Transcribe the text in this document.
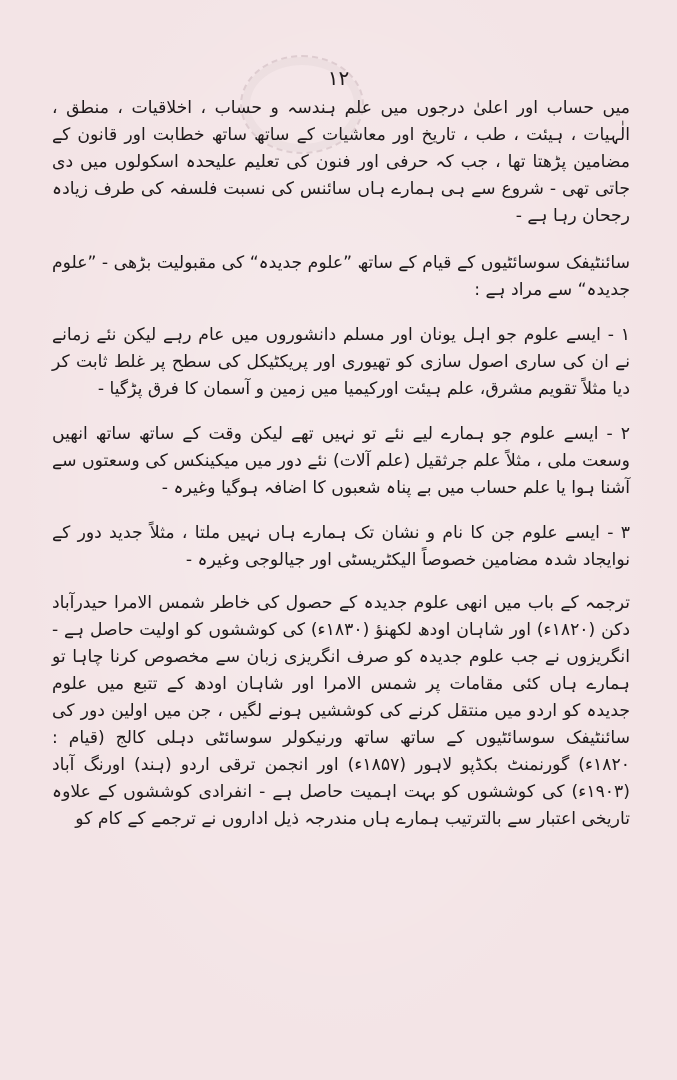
۱۲

میں حساب اور اعلیٰ درجوں میں علم ہندسہ و حساب ، اخلاقیات ، منطق ، الٰہیات ، ہیئت ، طب ، تاریخ اور معاشیات کے ساتھ ساتھ خطابت اور قانون کے مضامین پڑھتا تھا ، جب کہ حرفی اور فنون کی تعلیم علیحدہ اسکولوں میں دی جاتی تھی - شروع سے ہی ہمارے ہاں سائنس کی نسبت فلسفہ کی طرف زیادہ رجحان رہا ہے -

سائنٹیفک سوسائٹیوں کے قیام کے ساتھ ”علوم جدیدہ“ کی مقبولیت بڑھی - ”علوم جدیدہ“ سے مراد ہے :

۱ - ایسے علوم جو اہل یونان اور مسلم دانشوروں میں عام رہے لیکن نئے زمانے نے ان کی ساری اصول سازی کو تھیوری اور پریکٹیکل کی سطح پر غلط ثابت کر دیا مثلاً تقویم مشرق، علم ہیئت اورکیمیا میں زمین و آسمان کا فرق پڑگیا -

۲ - ایسے علوم جو ہمارے لیے نئے تو نہیں تھے لیکن وقت کے ساتھ ساتھ انھیں وسعت ملی ، مثلاً علم جرثقیل (علم آلات) نئے دور میں میکینکس کی وسعتوں سے آشنا ہوا یا علم حساب میں بے پناہ شعبوں کا اضافہ ہوگیا وغیرہ -

۳ - ایسے علوم جن کا نام و نشان تک ہمارے ہاں نہیں ملتا ، مثلاً جدید دور کے نوایجاد شدہ مضامین خصوصاً الیکٹریسٹی اور جیالوجی وغیرہ -

ترجمہ کے باب میں انھی علوم جدیدہ کے حصول کی خاطر شمس الامرا حیدرآباد دکن (۱۸۲۰ء) اور شاہان اودھ لکھنؤ (۱۸۳۰ء) کی کوششوں کو اولیت حاصل ہے - انگریزوں نے جب علوم جدیدہ کو صرف انگریزی زبان سے مخصوص کرنا چاہا تو ہمارے ہاں کئی مقامات پر شمس الامرا اور شاہان اودھ کے تتبع میں علوم جدیدہ کو اردو میں منتقل کرنے کی کوششیں ہونے لگیں ، جن میں اولین دور کی سائنٹیفک سوسائٹیوں کے ساتھ ساتھ ورنیکولر سوسائٹی دہلی کالج (قیام : ۱۸۲۰ء) گورنمنٹ بکڈپو لاہور (۱۸۵۷ء) اور انجمن ترقی اردو (ہند) اورنگ آباد (۱۹۰۳ء) کی کوششوں کو بہت اہمیت حاصل ہے - انفرادی کوششوں کے علاوہ تاریخی اعتبار سے بالترتیب ہمارے ہاں مندرجہ ذیل اداروں نے ترجمے کے کام کو
